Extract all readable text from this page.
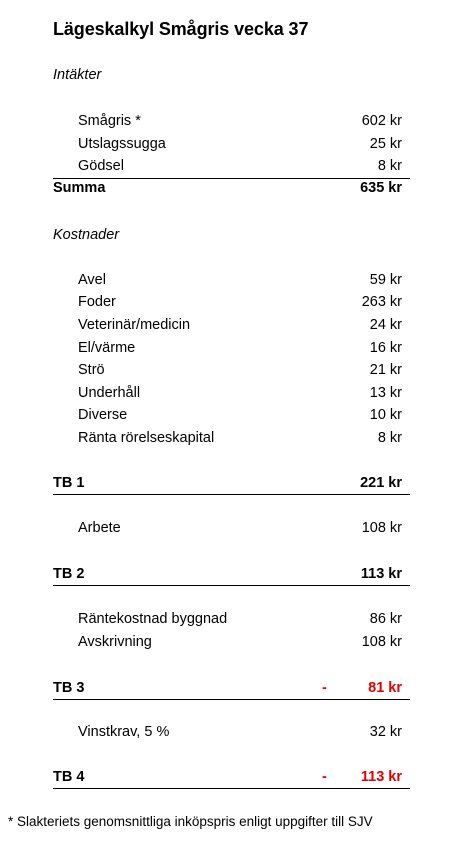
Lägeskalkyl Smågris vecka 37
Intäkter
Smågris *	602 kr
Utslagssugga	25 kr
Gödsel	8 kr
Summa	635 kr
Kostnader
Avel	59 kr
Foder	263 kr
Veterinär/medicin	24 kr
El/värme	16 kr
Strö	21 kr
Underhåll	13 kr
Diverse	10 kr
Ränta rörelseskapital	8 kr
TB 1	221 kr
Arbete	108 kr
TB 2	113 kr
Räntekostnad byggnad	86 kr
Avskrivning	108 kr
TB 3	-	81 kr
Vinstkrav, 5 %	32 kr
TB 4	- 113 kr
* Slakteriets genomsnittliga inköpspris enligt uppgifter till SJV
